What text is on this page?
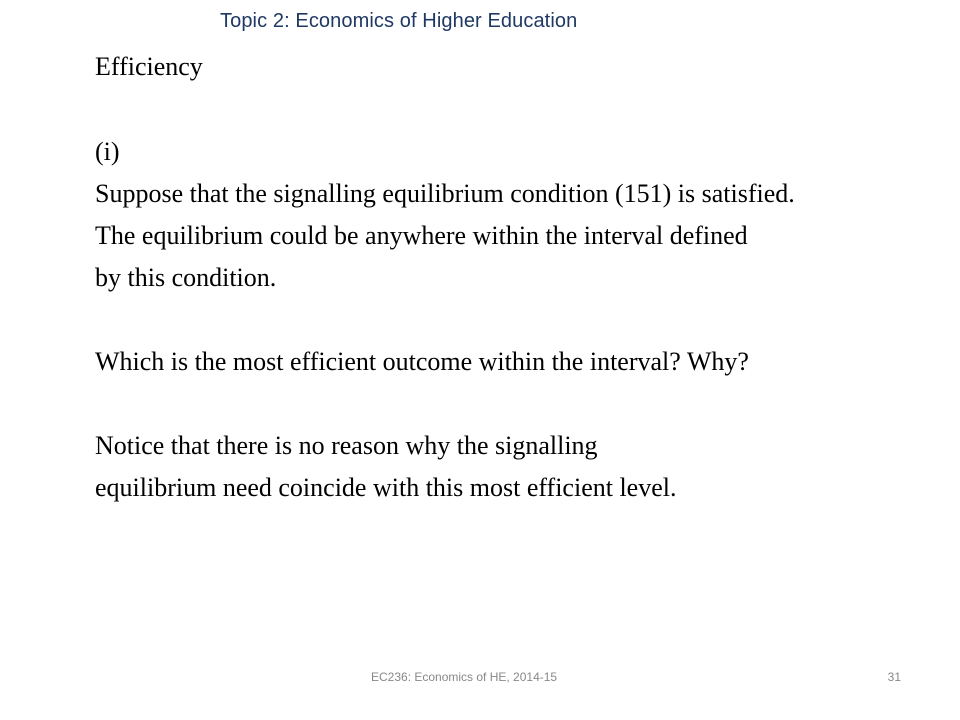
Topic 2: Economics of Higher Education
Efficiency
(i)
Suppose that the signalling equilibrium condition (151) is satisfied.
The equilibrium could be anywhere within the interval defined
by this condition.
Which is the most efficient outcome within the interval? Why?
Notice that there is no reason why the signalling
equilibrium need coincide with this most efficient level.
EC236: Economics of HE, 2014-15	31
